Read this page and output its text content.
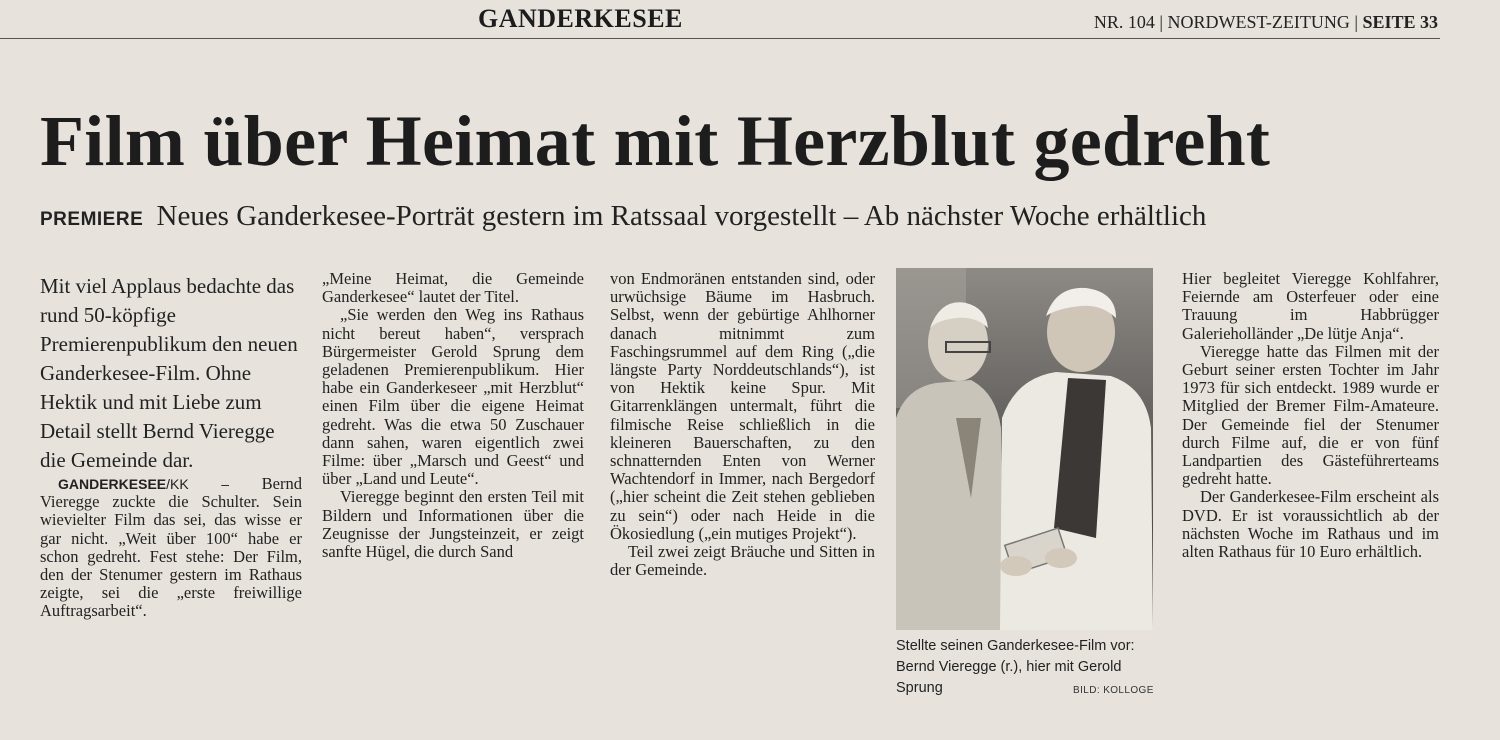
GANDERKESEE	NR. 104 | NORDWEST-ZEITUNG | SEITE 33
Film über Heimat mit Herzblut gedreht
PREMIERE Neues Ganderkesee-Porträt gestern im Ratssaal vorgestellt – Ab nächster Woche erhältlich

Mit viel Applaus bedachte das rund 50-köpfige Premierenpublikum den neuen Ganderkesee-Film. Ohne Hektik und mit Liebe zum Detail stellt Bernd Vieregge die Gemeinde dar.

GANDERKESEE/KK – Bernd Vieregge zuckte die Schulter. Sein wievielter Film das sei, das wisse er gar nicht. „Weit über 100“ habe er schon gedreht. Fest stehe: Der Film, den der Stenumer gestern im Rathaus zeigte, sei die „erste freiwillige Auftragsarbeit“.

„Meine Heimat, die Gemeinde Ganderkesee“ lautet der Titel.

„Sie werden den Weg ins Rathaus nicht bereut haben“, versprach Bürgermeister Gerold Sprung dem geladenen Premierenpublikum. Hier habe ein Ganderkeseer „mit Herzblut“ einen Film über die eigene Heimat gedreht. Was die etwa 50 Zuschauer dann sahen, waren eigentlich zwei Filme: über „Marsch und Geest“ und über „Land und Leute“.

Vieregge beginnt den ersten Teil mit Bildern und Informationen über die Zeugnisse der Jungsteinzeit, er zeigt sanfte Hügel, die durch Sand

von Endmoränen entstanden sind, oder urwüchsige Bäume im Hasbruch. Selbst, wenn der gebürtige Ahlhorner danach mitnimmt zum Faschingsrummel auf dem Ring („die längste Party Norddeutschlands“), ist von Hektik keine Spur. Mit Gitarrenklängen untermalt, führt die filmische Reise schließlich in die kleineren Bauerschaften, zu den schnatternden Enten von Werner Wachtendorf in Immer, nach Bergedorf („hier scheint die Zeit stehen geblieben zu sein“) oder nach Heide in die Ökosiedlung („ein mutiges Projekt“).

Teil zwei zeigt Bräuche und Sitten in der Gemeinde.

Stellte seinen Ganderkesee-Film vor: Bernd Vieregge (r.), hier mit Gerold Sprung	BILD: KOLLOGE

Hier begleitet Vieregge Kohlfahrer, Feiernde am Osterfeuer oder eine Trauung im Habbrügger Galerieholländer „De lütje Anja“.

Vieregge hatte das Filmen mit der Geburt seiner ersten Tochter im Jahr 1973 für sich entdeckt. 1989 wurde er Mitglied der Bremer Film-Amateure. Der Gemeinde fiel der Stenumer durch Filme auf, die er von fünf Landpartien des Gästeführerteams gedreht hatte.

Der Ganderkesee-Film erscheint als DVD. Er ist voraussichtlich ab der nächsten Woche im Rathaus und im alten Rathaus für 10 Euro erhältlich.
